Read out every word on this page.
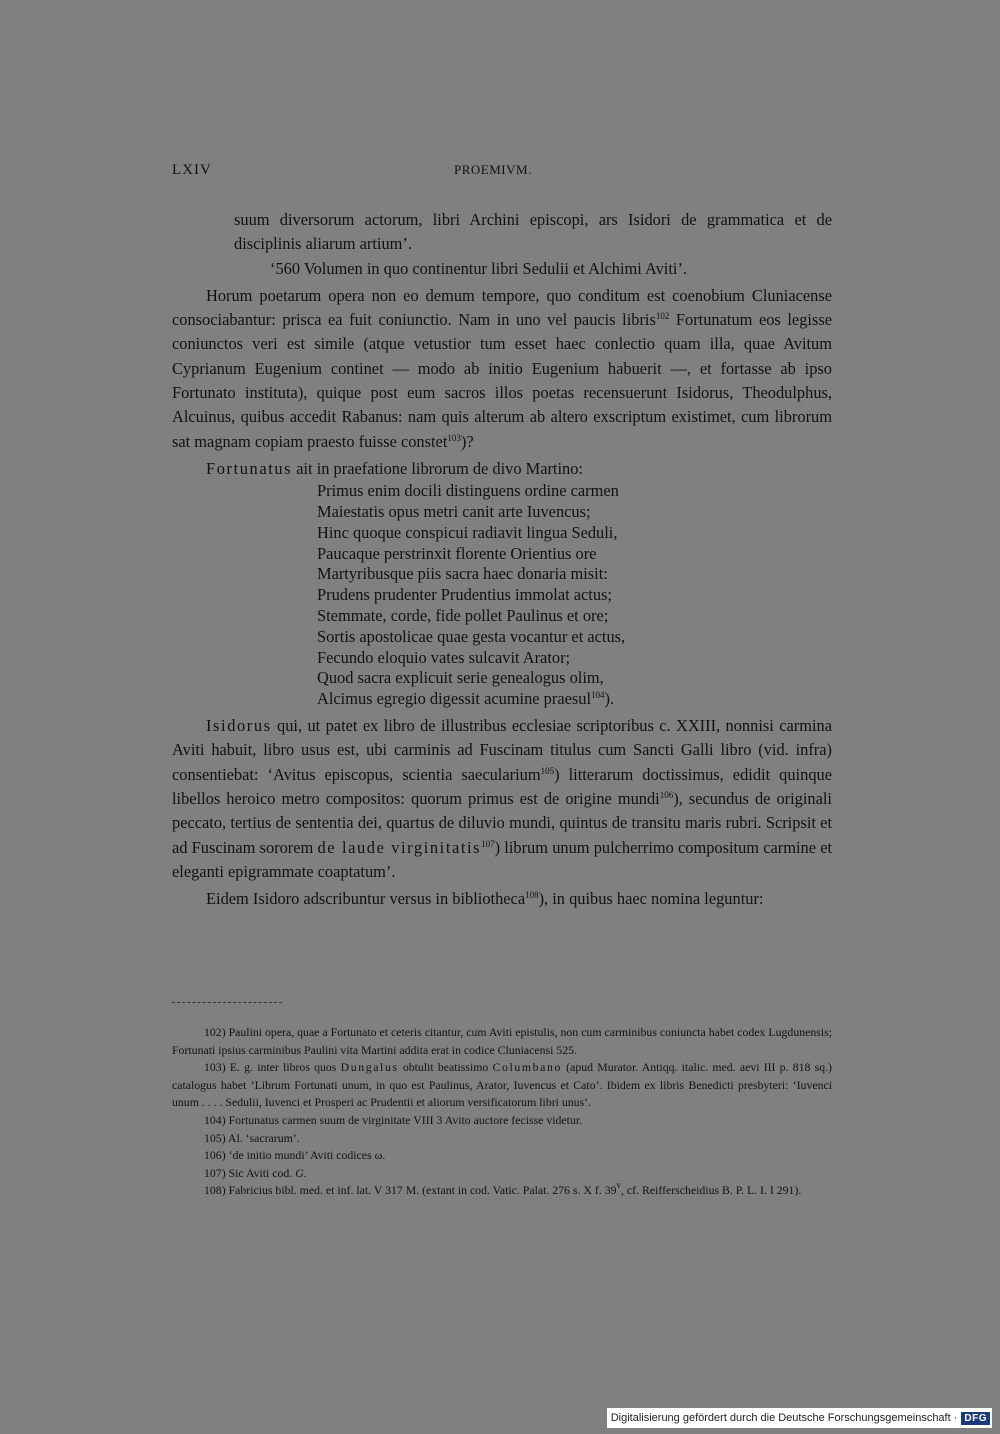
LXIV	PROEMIVM.

suum diversorum actorum, libri Archini episcopi, ars Isidori de grammatica et de disciplinis aliarum artium’.

‘560 Volumen in quo continentur libri Sedulii et Alchimi Aviti’.

Horum poetarum opera non eo demum tempore, quo conditum est coenobium Cluniacense consociabantur: prisca ea fuit coniunctio. Nam in uno vel paucis libris$^{102}$ Fortunatum eos legisse coniunctos veri est simile (atque vetustior tum esset haec conlectio quam illa, quae Avitum Cyprianum Eugenium continet — modo ab initio Eugenium habuerit —, et fortasse ab ipso Fortunato instituta), quique post eum sacros illos poetas recensuerunt Isidorus, Theodulphus, Alcuinus, quibus accedit Rabanus: nam quis alterum ab altero exscriptum existimet, cum librorum sat magnam copiam praesto fuisse constet$^{103}$)?

Fortunatus ait in praefatione librorum de divo Martino:

Primus enim docili distinguens ordine carmen
Maiestatis opus metri canit arte Iuvencus;
Hinc quoque conspicui radiavit lingua Seduli,
Paucaque perstrinxit florente Orientius ore
Martyribusque piis sacra haec donaria misit:
Prudens prudenter Prudentius immolat actus;
Stemmate, corde, fide pollet Paulinus et ore;
Sortis apostolicae quae gesta vocantur et actus,
Fecundo eloquio vates sulcavit Arator;
Quod sacra explicuit serie genealogus olim,
Alcimus egregio digessit acumine praesul$^{104}$).

Isidorus qui, ut patet ex libro de illustribus ecclesiae scriptoribus c. XXIII, nonnisi carmina Aviti habuit, libro usus est, ubi carminis ad Fuscinam titulus cum Sancti Galli libro (vid. infra) consentiebat: ‘Avitus episcopus, scientia saecularium$^{105}$) litterarum doctissimus, edidit quinque libellos heroico metro compositos: quorum primus est de origine mundi$^{106}$), secundus de originali peccato, tertius de sententia dei, quartus de diluvio mundi, quintus de transitu maris rubri. Scripsit et ad Fuscinam sororem de laude virginitatis$^{107}$) librum unum pulcherrimo compositum carmine et eleganti epigrammate coaptatum’.

Eidem Isidoro adscribuntur versus in bibliotheca$^{108}$), in quibus haec nomina leguntur:

102) Paulini opera, quae a Fortunato et ceteris citantur, cum Aviti epistulis, non cum carminibus coniuncta habet codex Lugdunensis; Fortunati ipsius carminibus Paulini vita Martini addita erat in codice Cluniacensi 525.

103) E. g. inter libros quos Dungalus obtulit beatissimo Columbano (apud Murator. Antiqq. italic. med. aevi III p. 818 sq.) catalogus habet ‘Librum Fortunati unum, in quo est Paulinus, Arator, Iuvencus et Cato’. Ibidem ex libris Benedicti presbyteri: ‘Iuvenci unum . . . . Sedulii, Iuvenci et Prosperi ac Prudentii et aliorum versificatorum libri unus’.

104) Fortunatus carmen suum de virginitate VIII 3 Avito auctore fecisse videtur.

105) Al. ‘sacrarum’.

106) ‘de initio mundi’ Aviti codices ω.

107) Sic Aviti cod. G.

108) Fabricius bibl. med. et inf. lat. V 317 M. (extant in cod. Vatic. Palat. 276 s. X f. 39$^v$, cf. Reifferscheidius B. P. L. I. I 291).

Digitalisierung gefördert durch die Deutsche Forschungsgemeinschaft · DFG
